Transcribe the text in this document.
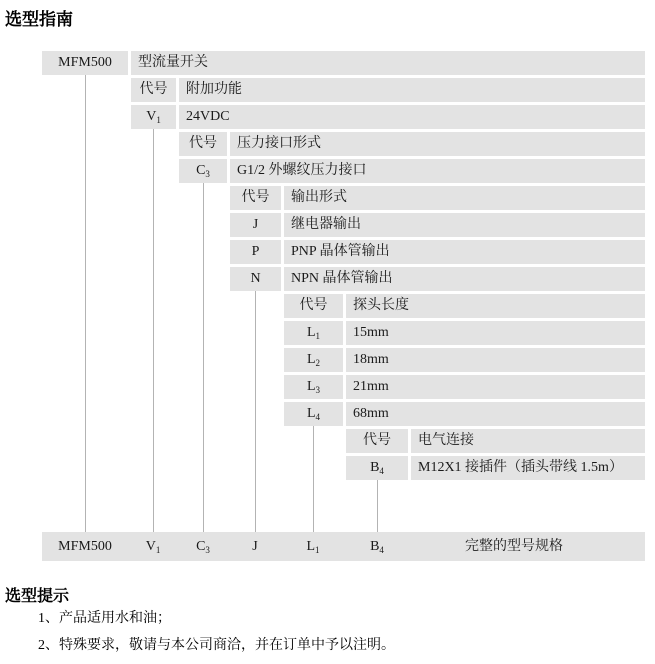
选型指南
MFM500	型流量开关
代号	附加功能
$V_1$	24VDC
代号	压力接口形式
$C_3$	G1/2 外螺纹压力接口
代号	输出形式
J	继电器输出
P	PNP 晶体管输出
N	NPN 晶体管输出
代号	探头长度
$L_1$	15mm
$L_2$	18mm
$L_3$	21mm
$L_4$	68mm
代号	电气连接
$B_4$	M12X1 接插件（插头带线 1.5m）
MFM500 $V_1$	$C_3$	J	$L_1$	$B_4$	完整的型号规格
选型提示
1、产品适用水和油；
2、特殊要求，敬请与本公司商洽，并在订单中予以注明。
